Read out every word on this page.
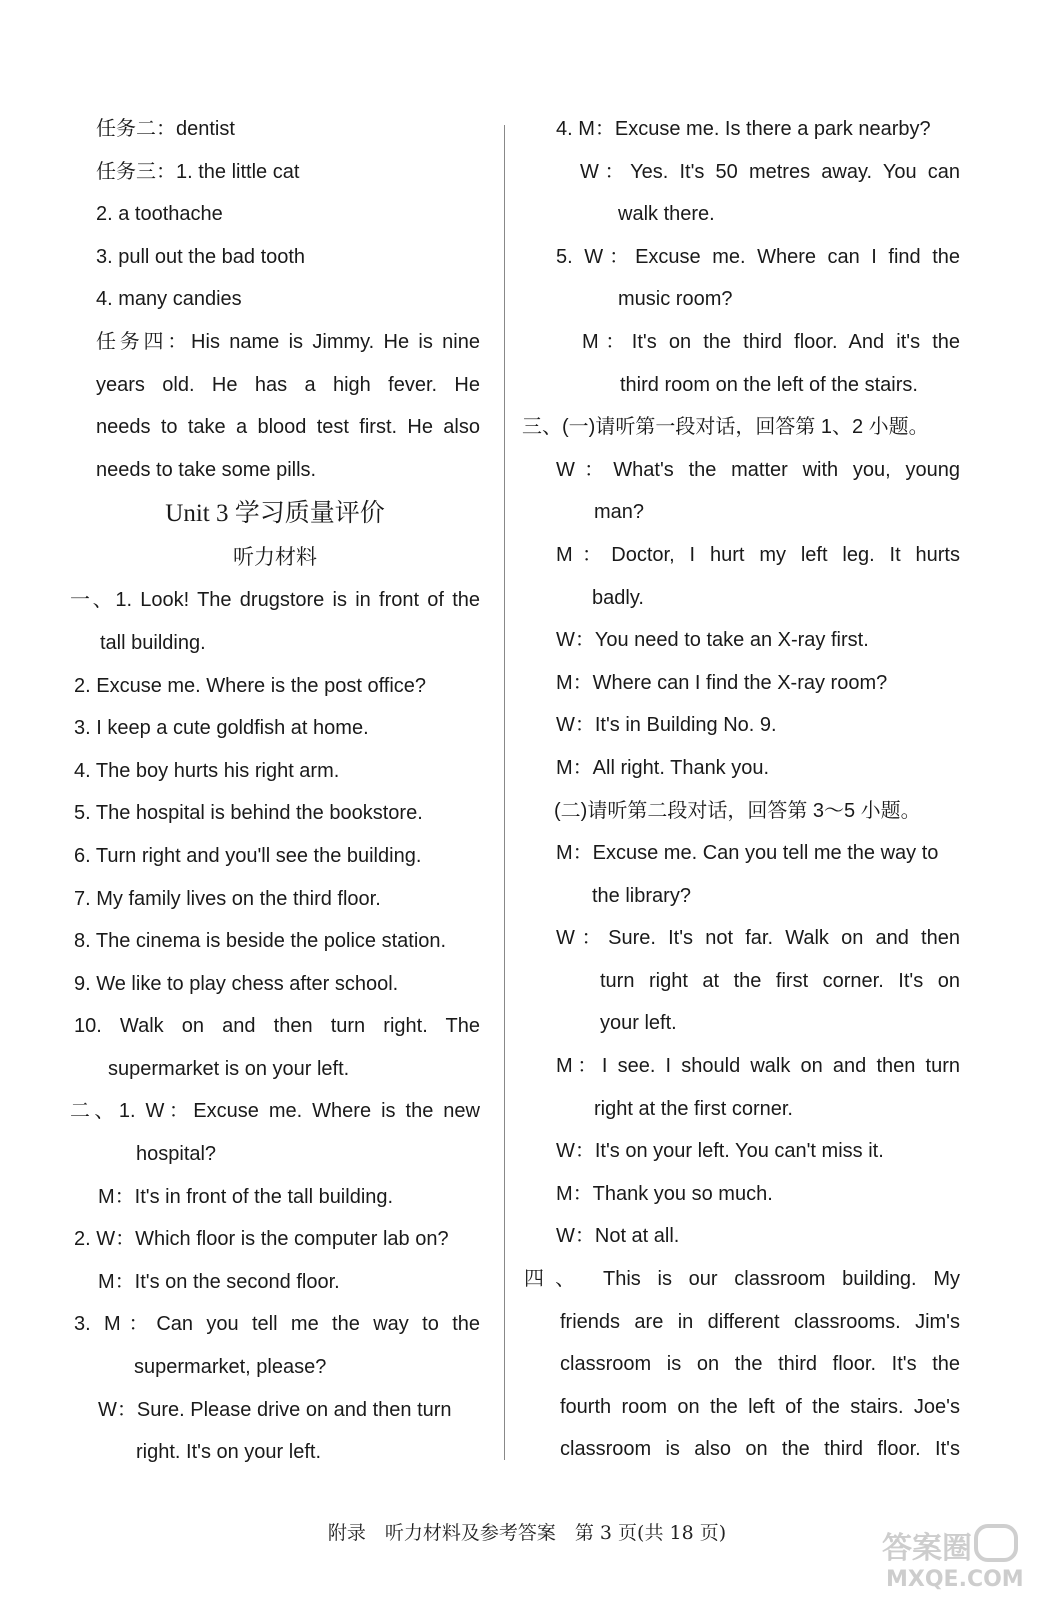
任务二：dentist
任务三：1. the little cat
2. a toothache
3. pull out the bad tooth
4. many candies
任务四：His name is Jimmy. He is nine
years old. He has a high fever. He
needs to take a blood test first. He also
needs to take some pills.
Unit 3 学习质量评价
听力材料
一、1. Look! The drugstore is in front of the
tall building.
2. Excuse me. Where is the post office?
3. I keep a cute goldfish at home.
4. The boy hurts his right arm.
5. The hospital is behind the bookstore.
6. Turn right and you'll see the building.
7. My family lives on the third floor.
8. The cinema is beside the police station.
9. We like to play chess after school.
10. Walk on and then turn right. The
supermarket is on your left.
二、1. W：Excuse me. Where is the new
hospital?
M：It's in front of the tall building.
2. W：Which floor is the computer lab on?
M：It's on the second floor.
3. M：Can you tell me the way to the
supermarket, please?
W：Sure. Please drive on and then turn
right. It's on your left.
4. M：Excuse me. Is there a park nearby?
W：Yes. It's 50 metres away. You can
walk there.
5. W：Excuse me. Where can I find the
music room?
M：It's on the third floor. And it's the
third room on the left of the stairs.
三、(一)请听第一段对话，回答第 1、2 小题。
W：What's the matter with you, young
man?
M：Doctor, I hurt my left leg. It hurts
badly.
W：You need to take an X-ray first.
M：Where can I find the X-ray room?
W：It's in Building No. 9.
M：All right. Thank you.
(二)请听第二段对话，回答第 3～5 小题。
M：Excuse me. Can you tell me the way to
the library?
W：Sure. It's not far. Walk on and then
turn right at the first corner. It's on
your left.
M：I see. I should walk on and then turn
right at the first corner.
W：It's on your left. You can't miss it.
M：Thank you so much.
W：Not at all.
四、 This is our classroom building. My
friends are in different classrooms. Jim's
classroom is on the third floor. It's the
fourth room on the left of the stairs. Joe's
classroom is also on the third floor. It's
附录　听力材料及参考答案　第 3 页(共 18 页)	答案圈
MXQE.COM
